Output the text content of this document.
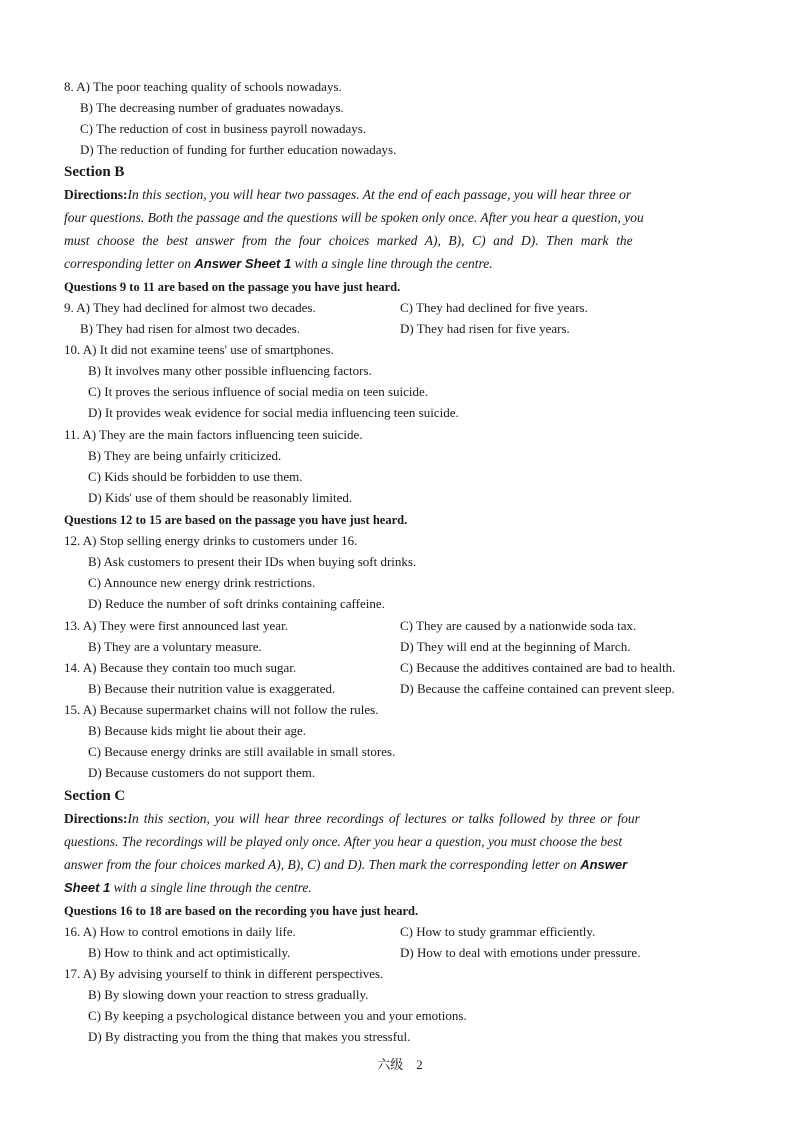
8. A) The poor teaching quality of schools nowadays.
B) The decreasing number of graduates nowadays.
C) The reduction of cost in business payroll nowadays.
D) The reduction of funding for further education nowadays.
Section B
Directions:In this section, you will hear two passages. At the end of each passage, you will hear three or
four questions. Both the passage and the questions will be spoken only once. After you hear a question, you
must choose the best answer from the four choices marked A), B), C) and D). Then mark the
corresponding letter on Answer Sheet 1 with a single line through the centre.
Questions 9 to 11 are based on the passage you have just heard.
9. A) They had declined for almost two decades.	C) They had declined for five years.
B) They had risen for almost two decades.	D) They had risen for five years.
10. A) It did not examine teens' use of smartphones.
B) It involves many other possible influencing factors.
C) It proves the serious influence of social media on teen suicide.
D) It provides weak evidence for social media influencing teen suicide.
11. A) They are the main factors influencing teen suicide.
B) They are being unfairly criticized.
C) Kids should be forbidden to use them.
D) Kids' use of them should be reasonably limited.
Questions 12 to 15 are based on the passage you have just heard.
12. A) Stop selling energy drinks to customers under 16.
B) Ask customers to present their IDs when buying soft drinks.
C) Announce new energy drink restrictions.
D) Reduce the number of soft drinks containing caffeine.
13. A) They were first announced last year.	C) They are caused by a nationwide soda tax.
B) They are a voluntary measure.	D) They will end at the beginning of March.
14. A) Because they contain too much sugar.	C) Because the additives contained are bad to health.
B) Because their nutrition value is exaggerated.	D) Because the caffeine contained can prevent sleep.
15. A) Because supermarket chains will not follow the rules.
B) Because kids might lie about their age.
C) Because energy drinks are still available in small stores.
D) Because customers do not support them.
Section C
Directions:In this section, you will hear three recordings of lectures or talks followed by three or four
questions. The recordings will be played only once. After you hear a question, you must choose the best
answer from the four choices marked A), B), C) and D). Then mark the corresponding letter on Answer
Sheet 1 with a single line through the centre.
Questions 16 to 18 are based on the recording you have just heard.
16. A) How to control emotions in daily life.	C) How to study grammar efficiently.
B) How to think and act optimistically.	D) How to deal with emotions under pressure.
17. A) By advising yourself to think in different perspectives.
B) By slowing down your reaction to stress gradually.
C) By keeping a psychological distance between you and your emotions.
D) By distracting you from the thing that makes you stressful.
六级    2
